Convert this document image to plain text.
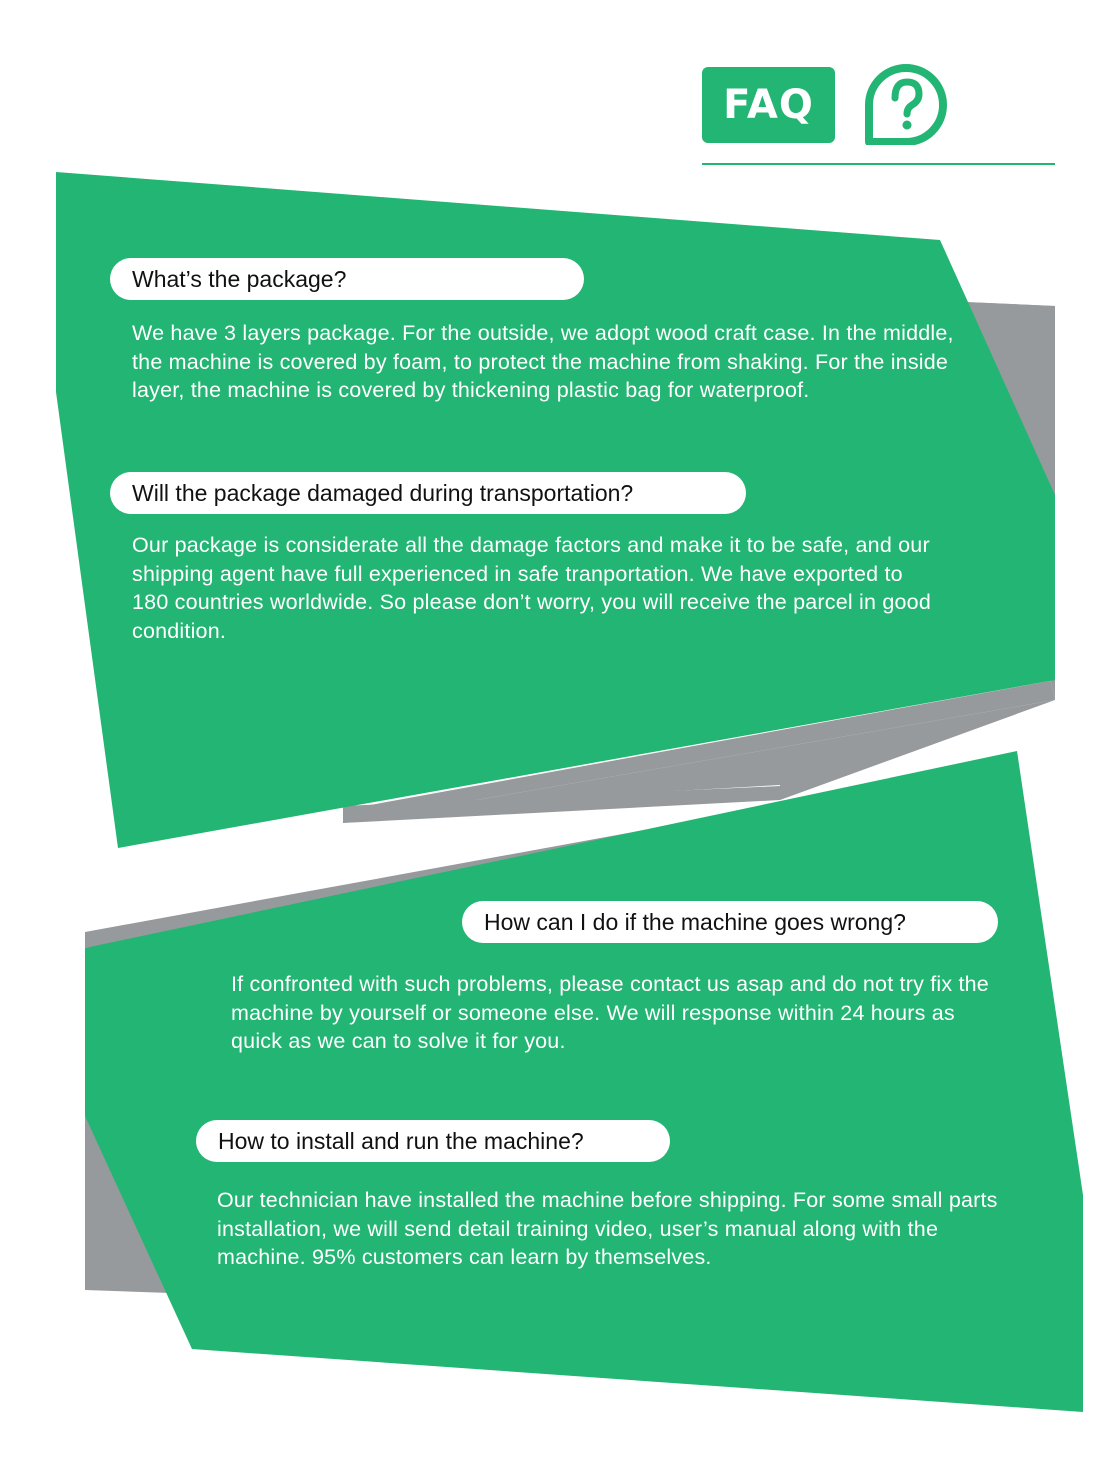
FAQ
What’s the package?

We have 3 layers package. For the outside, we adopt wood craft case. In the middle, the machine is covered by foam, to protect the machine from shaking. For the inside layer, the machine is covered by thickening plastic bag for waterproof.

Will the package damaged during transportation?

Our package is considerate all the damage factors and make it to be safe, and our shipping agent have full experienced in safe tranportation. We have exported to 180 countries worldwide. So please don’t worry, you will receive the parcel in good condition.

How can I do if the machine goes wrong?

If confronted with such problems, please contact us asap and do not try fix the machine by yourself or someone else. We will response within 24 hours as quick as we can to solve it for you.

How to install and run the machine?

Our technician have installed the machine before shipping. For some small parts installation, we will send detail training video, user’s manual along with the machine. 95% customers can learn by themselves.
